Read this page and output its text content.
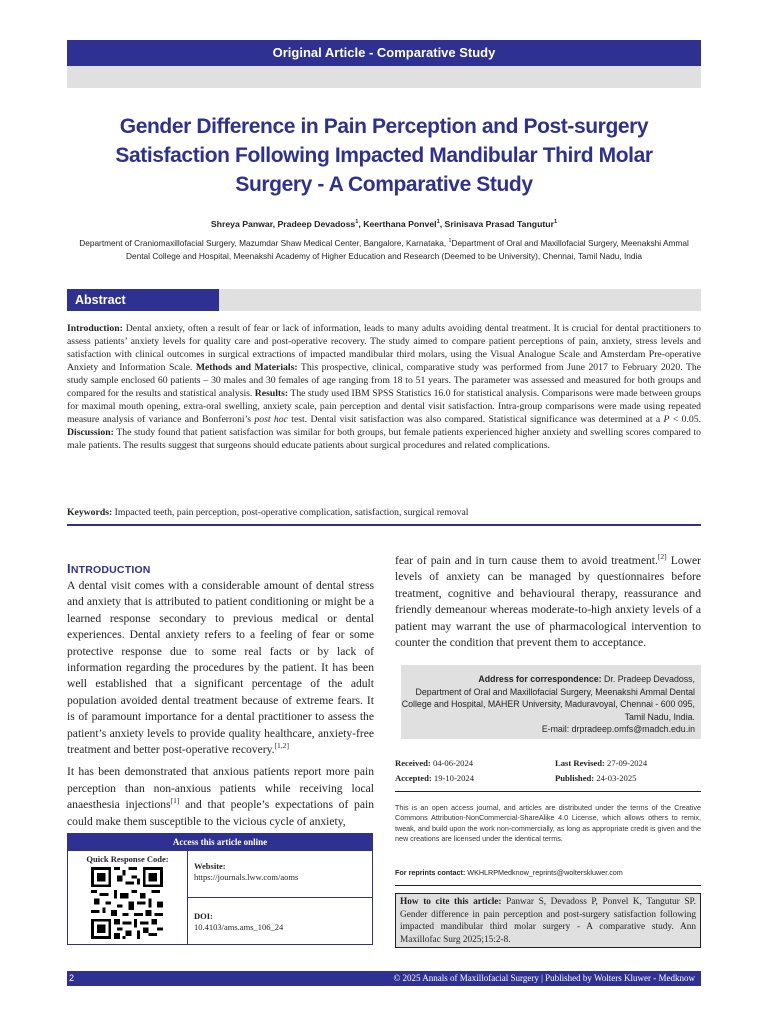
Original Article - Comparative Study
Gender Difference in Pain Perception and Post-surgery
Satisfaction Following Impacted Mandibular Third Molar
Surgery - A Comparative Study
Shreya Panwar, Pradeep Devadoss$^1$, Keerthana Ponvel$^1$, Srinisava Prasad Tangutur$^1$
Department of Craniomaxillofacial Surgery, Mazumdar Shaw Medical Center, Bangalore, Karnataka, $^1$Department of Oral and Maxillofacial Surgery, Meenakshi Ammal
Dental College and Hospital, Meenakshi Academy of Higher Education and Research (Deemed to be University), Chennai, Tamil Nadu, India
Abstract
Introduction: Dental anxiety, often a result of fear or lack of information, leads to many adults avoiding dental treatment. It is crucial for dental practitioners to assess patients’ anxiety levels for quality care and post-operative recovery. The study aimed to compare patient perceptions of pain, anxiety, stress levels and satisfaction with clinical outcomes in surgical extractions of impacted mandibular third molars, using the Visual Analogue Scale and Amsterdam Pre-operative Anxiety and Information Scale. Methods and Materials: This prospective, clinical, comparative study was performed from June 2017 to February 2020. The study sample enclosed 60 patients – 30 males and 30 females of age ranging from 18 to 51 years. The parameter was assessed and measured for both groups and compared for the results and statistical analysis. Results: The study used IBM SPSS Statistics 16.0 for statistical analysis. Comparisons were made between groups for maximal mouth opening, extra-oral swelling, anxiety scale, pain perception and dental visit satisfaction. Intra-group comparisons were made using repeated measure analysis of variance and Bonferroni’s post hoc test. Dental visit satisfaction was also compared. Statistical significance was determined at a P < 0.05. Discussion: The study found that patient satisfaction was similar for both groups, but female patients experienced higher anxiety and swelling scores compared to male patients. The results suggest that surgeons should educate patients about surgical procedures and related complications.
Keywords: Impacted teeth, pain perception, post-operative complication, satisfaction, surgical removal
INTRODUCTION

A dental visit comes with a considerable amount of dental stress and anxiety that is attributed to patient conditioning or might be a learned response secondary to previous medical or dental experiences. Dental anxiety refers to a feeling of fear or some protective response due to some real facts or by lack of information regarding the procedures by the patient. It has been well established that a significant percentage of the adult population avoided dental treatment because of extreme fears. It is of paramount importance for a dental practitioner to assess the patient’s anxiety levels to provide quality healthcare, anxiety-free treatment and better post-operative recovery.[1,2]

It has been demonstrated that anxious patients report more pain perception than non-anxious patients while receiving local anaesthesia injections[1] and that people’s expectations of pain could make them susceptible to the vicious cycle of anxiety,

fear of pain and in turn cause them to avoid treatment.[2] Lower levels of anxiety can be managed by questionnaires before treatment, cognitive and behavioural therapy, reassurance and friendly demeanour whereas moderate-to-high anxiety levels of a patient may warrant the use of pharmacological intervention to counter the condition that prevent them to acceptance.

Access this article online
Quick Response Code:
Website:
https://journals.lww.com/aoms
DOI:
10.4103/ams.ams_106_24
Address for correspondence: Dr. Pradeep Devadoss,
Department of Oral and Maxillofacial Surgery, Meenakshi Ammal Dental
College and Hospital, MAHER University, Maduravoyal, Chennai - 600 095,
Tamil Nadu, India.
E-mail: drpradeep.omfs@madch.edu.in
Received: 04-06-2024	Last Revised: 27-09-2024
Accepted: 19-10-2024	Published: 24-03-2025
This is an open access journal, and articles are distributed under the terms of the Creative Commons Attribution-NonCommercial-ShareAlike 4.0 License, which allows others to remix, tweak, and build upon the work non-commercially, as long as appropriate credit is given and the new creations are licensed under the identical terms.
For reprints contact: WKHLRPMedknow_reprints@wolterskluwer.com
How to cite this article: Panwar S, Devadoss P, Ponvel K, Tangutur SP. Gender difference in pain perception and post-surgery satisfaction following impacted mandibular third molar surgery - A comparative study. Ann Maxillofac Surg 2025;15:2-8.
2	© 2025 Annals of Maxillofacial Surgery | Published by Wolters Kluwer - Medknow
